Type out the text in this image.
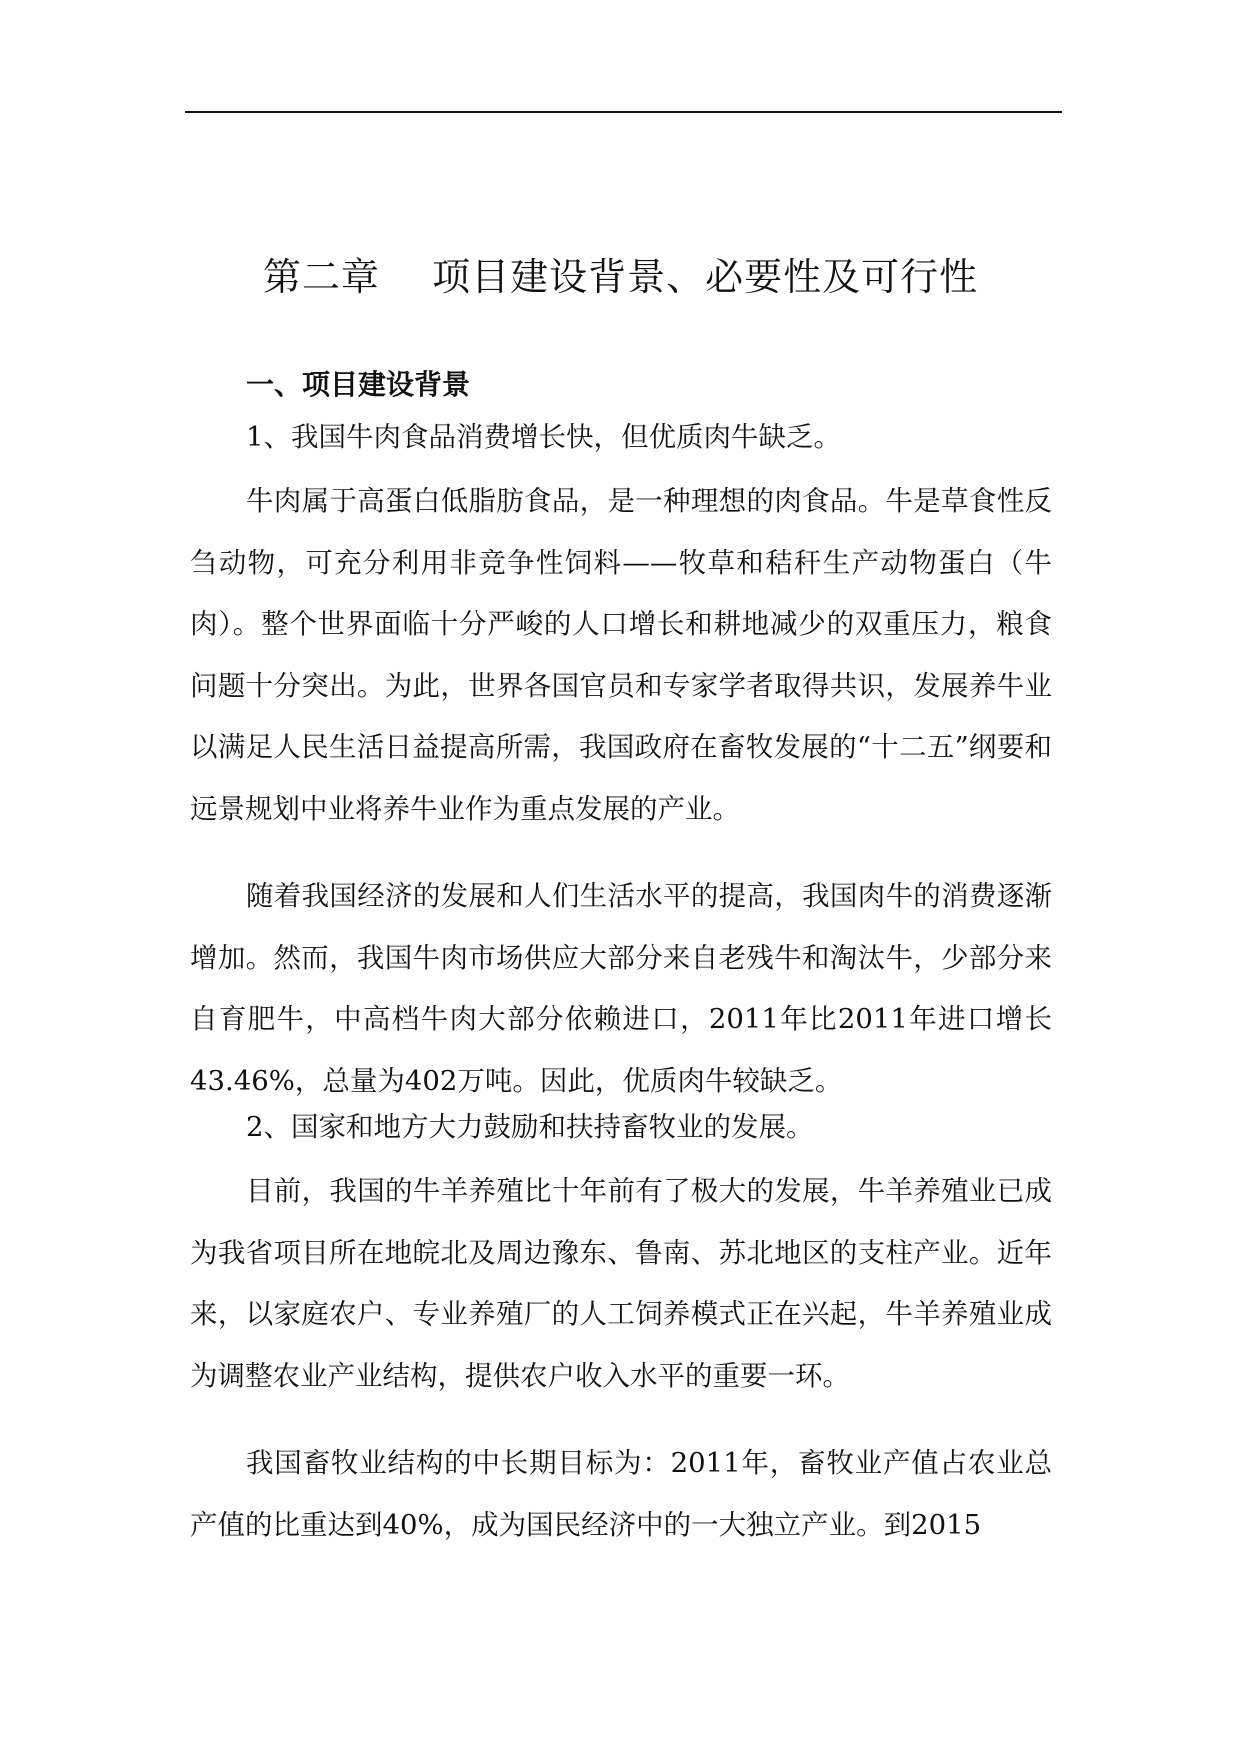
第二章    项目建设背景、必要性及可行性
一、项目建设背景

1、我国牛肉食品消费增长快，但优质肉牛缺乏。

牛肉属于高蛋白低脂肪食品，是一种理想的肉食品。牛是草食性反刍动物，可充分利用非竞争性饲料——牧草和秸秆生产动物蛋白（牛肉）。整个世界面临十分严峻的人口增长和耕地减少的双重压力，粮食问题十分突出。为此，世界各国官员和专家学者取得共识，发展养牛业以满足人民生活日益提高所需，我国政府在畜牧发展的“十二五”纲要和远景规划中业将养牛业作为重点发展的产业。

随着我国经济的发展和人们生活水平的提高，我国肉牛的消费逐渐增加。然而，我国牛肉市场供应大部分来自老残牛和淘汰牛，少部分来自育肥牛，中高档牛肉大部分依赖进口，2011年比2011年进口增长43.46%，总量为402万吨。因此，优质肉牛较缺乏。

2、国家和地方大力鼓励和扶持畜牧业的发展。

目前，我国的牛羊养殖比十年前有了极大的发展，牛羊养殖业已成为我省项目所在地皖北及周边豫东、鲁南、苏北地区的支柱产业。近年来，以家庭农户、专业养殖厂的人工饲养模式正在兴起，牛羊养殖业成为调整农业产业结构，提供农户收入水平的重要一环。

我国畜牧业结构的中长期目标为：2011年，畜牧业产值占农业总产值的比重达到40%，成为国民经济中的一大独立产业。到2015
